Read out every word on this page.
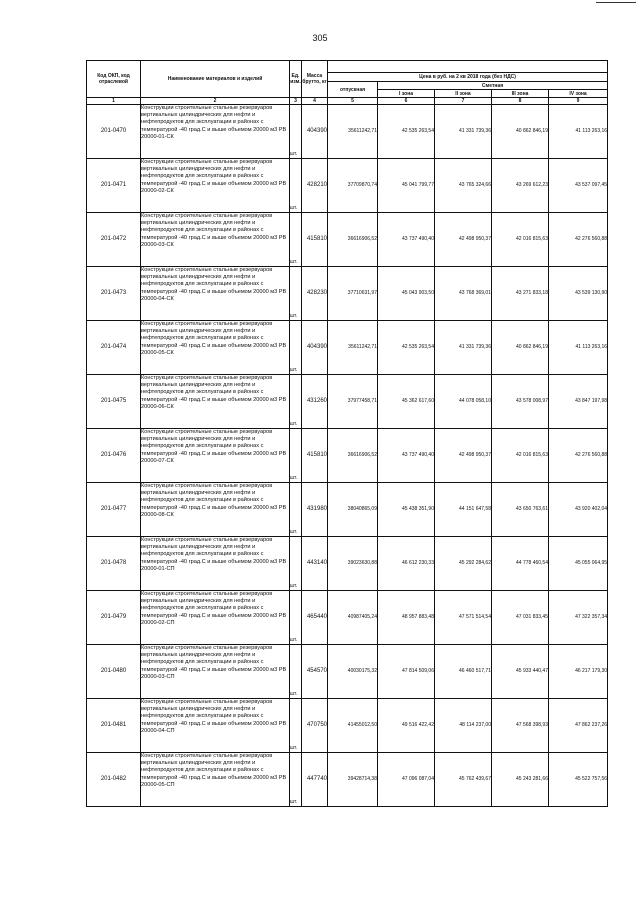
305
Код ОКП, код отраслевой	Наименование материалов и изделий	Ед. изм.	Масса брутто, кг					
				Цена в руб. на 2 кв 2018 года (без НДС)				
				отпускная	Сметная			
					I зона	II зона	III зона	IV зона
1	2	3	4	5	6	7	8	9
201-0470	Конструкции строительные стальные резервуаров вертикальных цилиндрических для нефти и нефтепродуктов для эксплуатации в районах с температурой -40 град.С и выше объемом 20000 м3 РВ 20000-01-СК	шт.	404390	35611242,71	42 535 263,54	41 331 739,36	40 862 846,19	41 113 263,16
201-0471	Конструкции строительные стальные резервуаров вертикальных цилиндрических для нефти и нефтепродуктов для эксплуатации в районах с температурой -40 град.С и выше объемом 20000 м3 РВ 20000-02-СК	шт.	428210	37709870,74	45 041 799,77	43 765 324,66	43 269 612,23	43 537 097,45
201-0472	Конструкции строительные стальные резервуаров вертикальных цилиндрических для нефти и нефтепродуктов для эксплуатации в районах с температурой -40 град.С и выше объемом 20000 м3 РВ 20000-03-СК	шт.	415810	36616906,52	43 737 490,40	42 498 950,37	42 016 815,63	42 276 560,88
201-0473	Конструкции строительные стальные резервуаров вертикальных цилиндрических для нефти и нефтепродуктов для эксплуатации в районах с температурой -40 град.С и выше объемом 20000 м3 РВ 20000-04-СК	шт.	428230	37710631,97	45 043 903,50	43 768 369,01	43 271 833,18	43 539 130,90
201-0474	Конструкции строительные стальные резервуаров вертикальных цилиндрических для нефти и нефтепродуктов для эксплуатации в районах с температурой -40 град.С и выше объемом 20000 м3 РВ 20000-05-СК	шт.	404390	35611242,71	42 535 263,54	41 331 739,36	40 862 846,19	41 113 263,16
201-0475	Конструкции строительные стальные резервуаров вертикальных цилиндрических для нефти и нефтепродуктов для эксплуатации в районах с температурой -40 град.С и выше объемом 20000 м3 РВ 20000-06-СК	шт.	431260	37977458,71	45 362 617,60	44 078 058,10	43 578 008,97	43 847 197,98
201-0476	Конструкции строительные стальные резервуаров вертикальных цилиндрических для нефти и нефтепродуктов для эксплуатации в районах с температурой -40 град.С и выше объемом 20000 м3 РВ 20000-07-СК	шт.	415810	36616906,52	43 737 490,40	42 498 950,37	42 016 815,63	42 276 560,88
201-0477	Конструкции строительные стальные резервуаров вертикальных цилиндрических для нефти и нефтепродуктов для эксплуатации в районах с температурой -40 град.С и выше объемом 20000 м3 РВ 20000-08-СК	шт.	431980	38040865,09	45 438 351,90	44 151 647,58	43 650 763,61	43 920 402,04
201-0478	Конструкции строительные стальные резервуаров вертикальных цилиндрических для нефти и нефтепродуктов для эксплуатации в районах с температурой -40 град.С и выше объемом 20000 м3 РВ 20000-01-СП	шт.	443140	39023630,88	46 612 230,33	45 292 284,62	44 778 460,54	45 055 064,95
201-0479	Конструкции строительные стальные резервуаров вертикальных цилиндрических для нефти и нефтепродуктов для эксплуатации в районах с температурой -40 град.С и выше объемом 20000 м3 РВ 20000-02-СП	шт.	465440	40987405,24	48 957 883,48	47 571 514,54	47 031 833,45	47 322 357,34
201-0480	Конструкции строительные стальные резервуаров вертикальных цилиндрических для нефти и нефтепродуктов для эксплуатации в районах с температурой -40 град.С и выше объемом 20000 м3 РВ 20000-03-СП	шт.	454570	40030175,32	47 814 509,06	46 460 517,71	45 933 440,47	46 217 179,30
201-0481	Конструкции строительные стальные резервуаров вертикальных цилиндрических для нефти и нефтепродуктов для эксплуатации в районах с температурой -40 град.С и выше объемом 20000 м3 РВ 20000-04-СП	шт.	470750	41455012,50	49 516 422,42	48 114 237,00	47 568 398,93	47 862 237,26
201-0482	Конструкции строительные стальные резервуаров вертикальных цилиндрических для нефти и нефтепродуктов для эксплуатации в районах с температурой -40 град.С и выше объемом 20000 м3 РВ 20000-05-СП	шт.	447740	39428714,38	47 096 087,04	45 762 439,67	45 243 281,66	45 522 757,56
